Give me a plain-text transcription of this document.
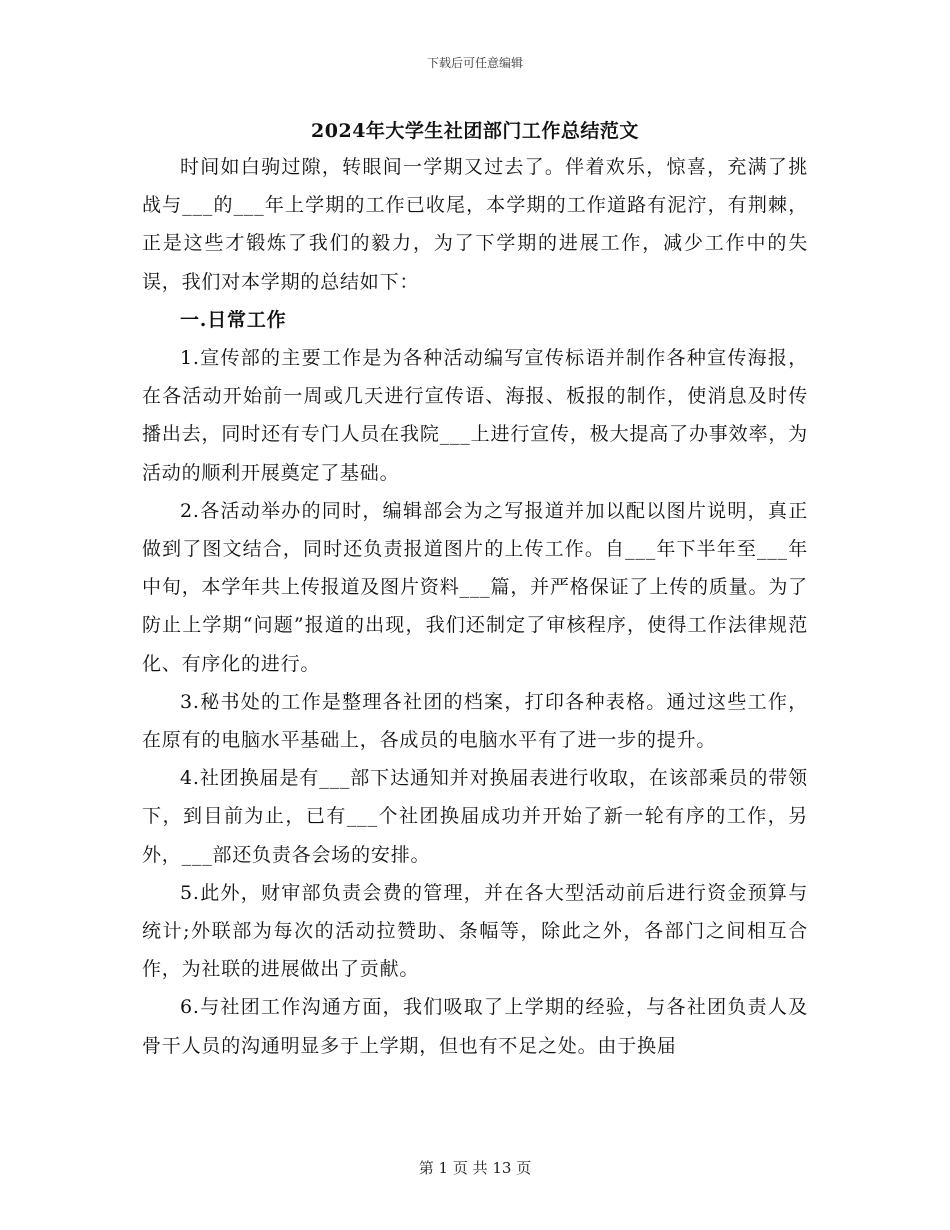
下载后可任意编辑
2024年大学生社团部门工作总结范文

时间如白驹过隙，转眼间一学期又过去了。伴着欢乐，惊喜，充满了挑战与___的___年上学期的工作已收尾，本学期的工作道路有泥泞，有荆棘，正是这些才锻炼了我们的毅力，为了下学期的进展工作，减少工作中的失误，我们对本学期的总结如下：

一.日常工作

1.宣传部的主要工作是为各种活动编写宣传标语并制作各种宣传海报，在各活动开始前一周或几天进行宣传语、海报、板报的制作，使消息及时传播出去，同时还有专门人员在我院___上进行宣传，极大提高了办事效率，为活动的顺利开展奠定了基础。

2.各活动举办的同时，编辑部会为之写报道并加以配以图片说明，真正做到了图文结合，同时还负责报道图片的上传工作。自___年下半年至___年中旬，本学年共上传报道及图片资料___篇，并严格保证了上传的质量。为了防止上学期“问题”报道的出现，我们还制定了审核程序，使得工作法律规范化、有序化的进行。

3.秘书处的工作是整理各社团的档案，打印各种表格。通过这些工作，在原有的电脑水平基础上，各成员的电脑水平有了进一步的提升。

4.社团换届是有___部下达通知并对换届表进行收取，在该部乘员的带领下，到目前为止，已有___个社团换届成功并开始了新一轮有序的工作，另外，___部还负责各会场的安排。

5.此外，财审部负责会费的管理，并在各大型活动前后进行资金预算与统计;外联部为每次的活动拉赞助、条幅等，除此之外，各部门之间相互合作，为社联的进展做出了贡献。

6.与社团工作沟通方面，我们吸取了上学期的经验，与各社团负责人及骨干人员的沟通明显多于上学期，但也有不足之处。由于换届

第 1 页 共 13 页
